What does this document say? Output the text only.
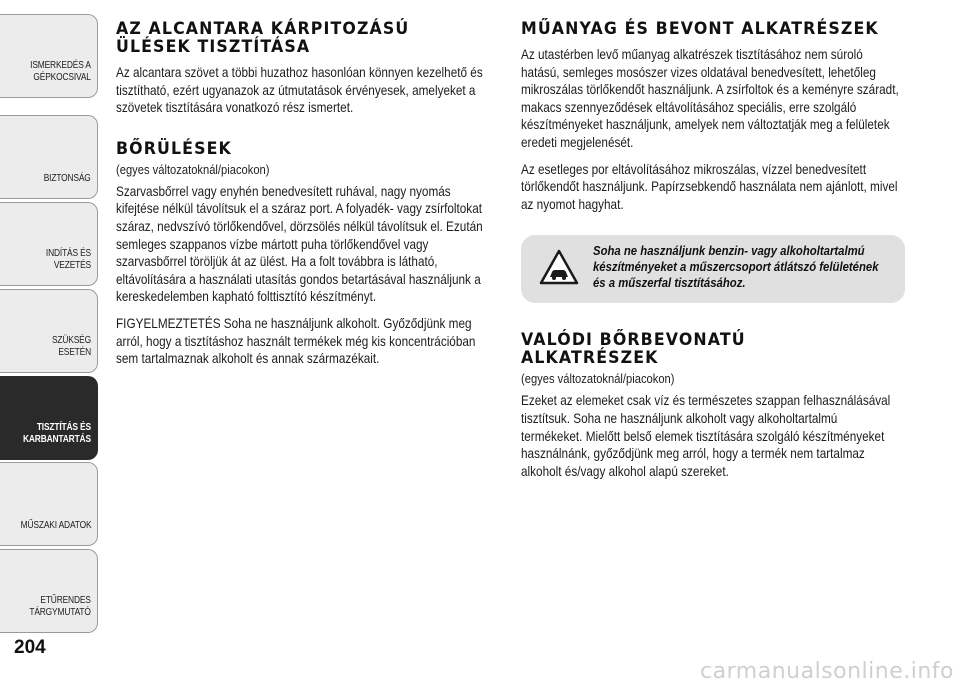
ISMERKEDÉS A
GÉPKOCSIVAL
BIZTONSÁG
INDÍTÁS ÉS VEZETÉS
SZÜKSÉG ESETÉN
TISZTÍTÁS ÉS
KARBANTARTÁS
MŰSZAKI ADATOK
ETŰRENDES
TÁRGYMUTATÓ
204
AZ ALCANTARA KÁRPITOZÁSÚ ÜLÉSEK TISZTÍTÁSA

Az alcantara szövet a többi huzathoz hasonlóan könnyen kezelhető és tisztítható, ezért ugyanazok az útmutatások érvényesek, amelyeket a szövetek tisztítására vonatkozó rész ismertet.

BŐRÜLÉSEK
(egyes változatoknál/piacokon)

Szarvasbőrrel vagy enyhén benedvesített ruhával, nagy nyomás kifejtése nélkül távolítsuk el a száraz port. A folyadék- vagy zsírfoltokat száraz, nedvszívó törlőkendővel, dörzsölés nélkül távolítsuk el. Ezután semleges szappanos vízbe mártott puha törlőkendővel vagy szarvasbőrrel töröljük át az ülést. Ha a folt továbbra is látható, eltávolítására a használati utasítás gondos betartásával használjunk a kereskedelemben kapható folttisztító készítményt.

FIGYELMEZTETÉS Soha ne használjunk alkoholt. Győződjünk meg arról, hogy a tisztításhoz használt termékek még kis koncentrációban sem tartalmaznak alkoholt és annak származékait.

MŰANYAG ÉS BEVONT ALKATRÉSZEK

Az utastérben levő műanyag alkatrészek tisztításához nem súroló hatású, semleges mosószer vizes oldatával benedvesített, lehetőleg mikroszálas törlőkendőt használjunk. A zsírfoltok és a keményre száradt, makacs szennyeződések eltávolításához speciális, erre szolgáló készítményeket használjunk, amelyek nem változtatják meg a felületek eredeti megjelenését.

Az esetleges por eltávolításához mikroszálas, vízzel benedvesített törlőkendőt használjunk. Papírzsebkendő használata nem ajánlott, mivel az nyomot hagyhat.

Soha ne használjunk benzin- vagy alkoholtartalmú készítményeket a műszercsoport átlátszó felületének és a műszerfal tisztításához.
VALÓDI BŐRBEVONATÚ ALKATRÉSZEK
(egyes változatoknál/piacokon)

Ezeket az elemeket csak víz és természetes szappan felhasználásával tisztítsuk. Soha ne használjunk alkoholt vagy alkoholtartalmú termékeket. Mielőtt belső elemek tisztítására szolgáló készítményeket használnánk, győződjünk meg arról, hogy a termék nem tartalmaz alkoholt és/vagy alkohol alapú szereket.

carmanualsonline.info
